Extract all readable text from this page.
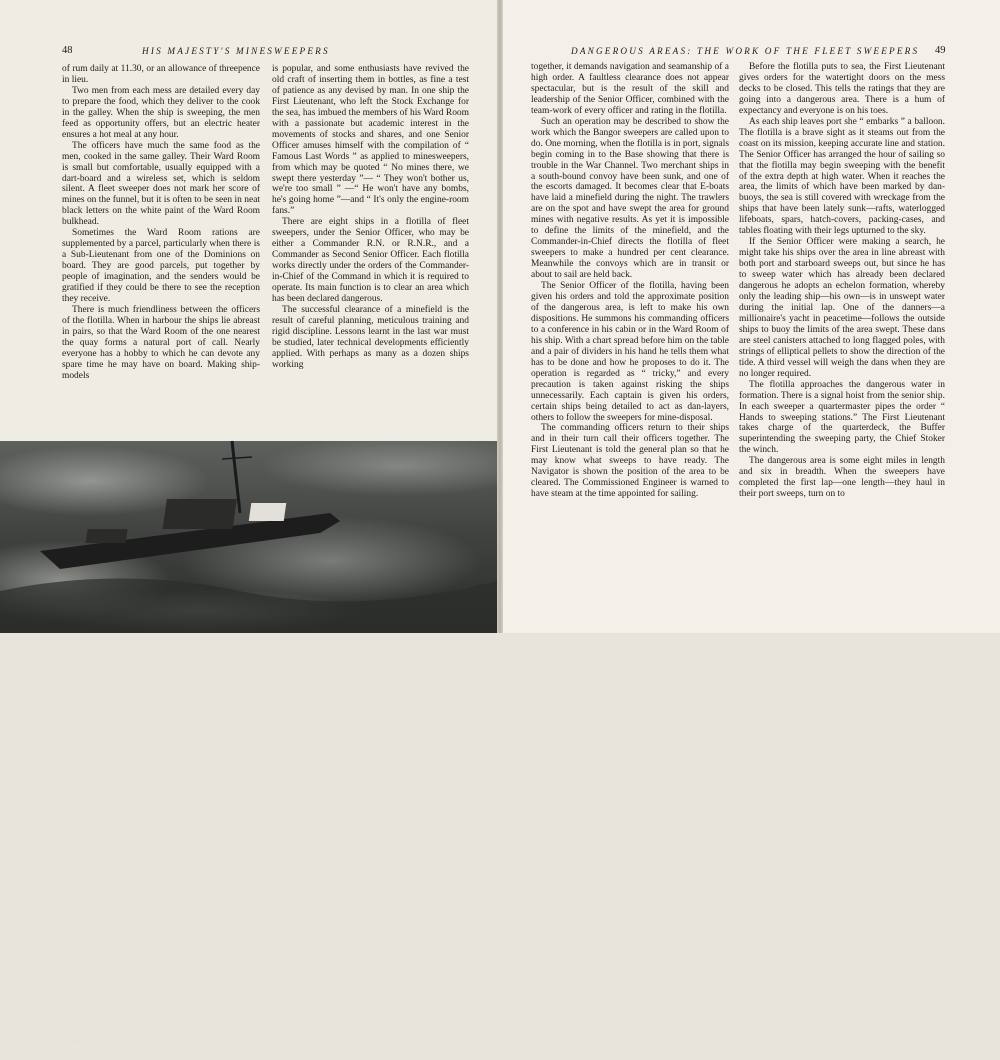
48	HIS MAJESTY'S MINESWEEPERS

of rum daily at 11.30, or an allowance of threepence in lieu.

Two men from each mess are detailed every day to prepare the food, which they deliver to the cook in the galley. When the ship is sweeping, the men feed as opportunity offers, but an electric heater ensures a hot meal at any hour.

The officers have much the same food as the men, cooked in the same galley. Their Ward Room is small but comfortable, usually equipped with a dart-board and a wireless set, which is seldom silent. A fleet sweeper does not mark her score of mines on the funnel, but it is often to be seen in neat black letters on the white paint of the Ward Room bulkhead.

Sometimes the Ward Room rations are supplemented by a parcel, particularly when there is a Sub-Lieutenant from one of the Dominions on board. They are good parcels, put together by people of imagination, and the senders would be gratified if they could be there to see the reception they receive.

There is much friendliness between the officers of the flotilla. When in harbour the ships lie abreast in pairs, so that the Ward Room of the one nearest the quay forms a natural port of call. Nearly everyone has a hobby to which he can devote any spare time he may have on board. Making ship-models

is popular, and some enthusiasts have revived the old craft of inserting them in bottles, as fine a test of patience as any devised by man. In one ship the First Lieutenant, who left the Stock Exchange for the sea, has imbued the members of his Ward Room with a passionate but academic interest in the movements of stocks and shares, and one Senior Officer amuses himself with the compilation of “ Famous Last Words ” as applied to minesweepers, from which may be quoted “ No mines there, we swept there yesterday ”— “ They won't bother us, we're too small ” —“ He won't have any bombs, he's going home ”—and “ It's only the engine-room fans.”

There are eight ships in a flotilla of fleet sweepers, under the Senior Officer, who may be either a Commander R.N. or R.N.R., and a Commander as Second Senior Officer. Each flotilla works directly under the orders of the Commander-in-Chief of the Command in which it is required to operate. Its main function is to clear an area which has been declared dangerous.

The successful clearance of a minefield is the result of careful planning, meticulous training and rigid discipline. Lessons learnt in the last war must be studied, later technical developments efficiently applied. With perhaps as many as a dozen ships working

BOWS ALMOST BLOWN OFF by a mine, and her deck plating buckled back like tin over her bridge, a British fleet sweeper limps for home. This is one of the risks the sweepers face daily.
DANGEROUS AREAS: THE WORK OF THE FLEET SWEEPERS 49

together, it demands navigation and seamanship of a high order. A faultless clearance does not appear spectacular, but is the result of the skill and leadership of the Senior Officer, combined with the team-work of every officer and rating in the flotilla.

Such an operation may be described to show the work which the Bangor sweepers are called upon to do. One morning, when the flotilla is in port, signals begin coming in to the Base showing that there is trouble in the War Channel. Two merchant ships in a south-bound convoy have been sunk, and one of the escorts damaged. It becomes clear that E-boats have laid a minefield during the night. The trawlers are on the spot and have swept the area for ground mines with negative results. As yet it is impossible to define the limits of the minefield, and the Commander-in-Chief directs the flotilla of fleet sweepers to make a hundred per cent clearance. Meanwhile the convoys which are in transit or about to sail are held back.

The Senior Officer of the flotilla, having been given his orders and told the approximate position of the dangerous area, is left to make his own dispositions. He summons his commanding officers to a conference in his cabin or in the Ward Room of his ship. With a chart spread before him on the table and a pair of dividers in his hand he tells them what has to be done and how he proposes to do it. The operation is regarded as “ tricky,” and every precaution is taken against risking the ships unnecessarily. Each captain is given his orders, certain ships being detailed to act as dan-layers, others to follow the sweepers for mine-disposal.

The commanding officers return to their ships and in their turn call their officers together. The First Lieutenant is told the general plan so that he may know what sweeps to have ready. The Navigator is shown the position of the area to be cleared. The Commissioned Engineer is warned to have steam at the time appointed for sailing.

Before the flotilla puts to sea, the First Lieutenant gives orders for the watertight doors on the mess decks to be closed. This tells the ratings that they are going into a dangerous area. There is a hum of expectancy and everyone is on his toes.

As each ship leaves port she “ embarks ” a balloon. The flotilla is a brave sight as it steams out from the coast on its mission, keeping accurate line and station. The Senior Officer has arranged the hour of sailing so that the flotilla may begin sweeping with the benefit of the extra depth at high water. When it reaches the area, the limits of which have been marked by dan-buoys, the sea is still covered with wreckage from the ships that have been lately sunk—rafts, waterlogged lifeboats, spars, hatch-covers, packing-cases, and tables floating with their legs upturned to the sky.

If the Senior Officer were making a search, he might take his ships over the area in line abreast with both port and starboard sweeps out, but since he has to sweep water which has already been declared dangerous he adopts an echelon formation, whereby only the leading ship—his own—is in unswept water during the initial lap. One of the danners—a millionaire's yacht in peacetime—follows the outside ships to buoy the limits of the area swept. These dans are steel canisters attached to long flagged poles, with strings of elliptical pellets to show the direction of the tide. A third vessel will weigh the dans when they are no longer required.

The flotilla approaches the dangerous water in formation. There is a signal hoist from the senior ship. In each sweeper a quartermaster pipes the order “ Hands to sweeping stations.” The First Lieutenant takes charge of the quarterdeck, the Buffer superintending the sweeping party, the Chief Stoker the winch.

The dangerous area is some eight miles in length and six in breadth. When the sweepers have completed the first lap—one length—they haul in their port sweeps, turn on to
